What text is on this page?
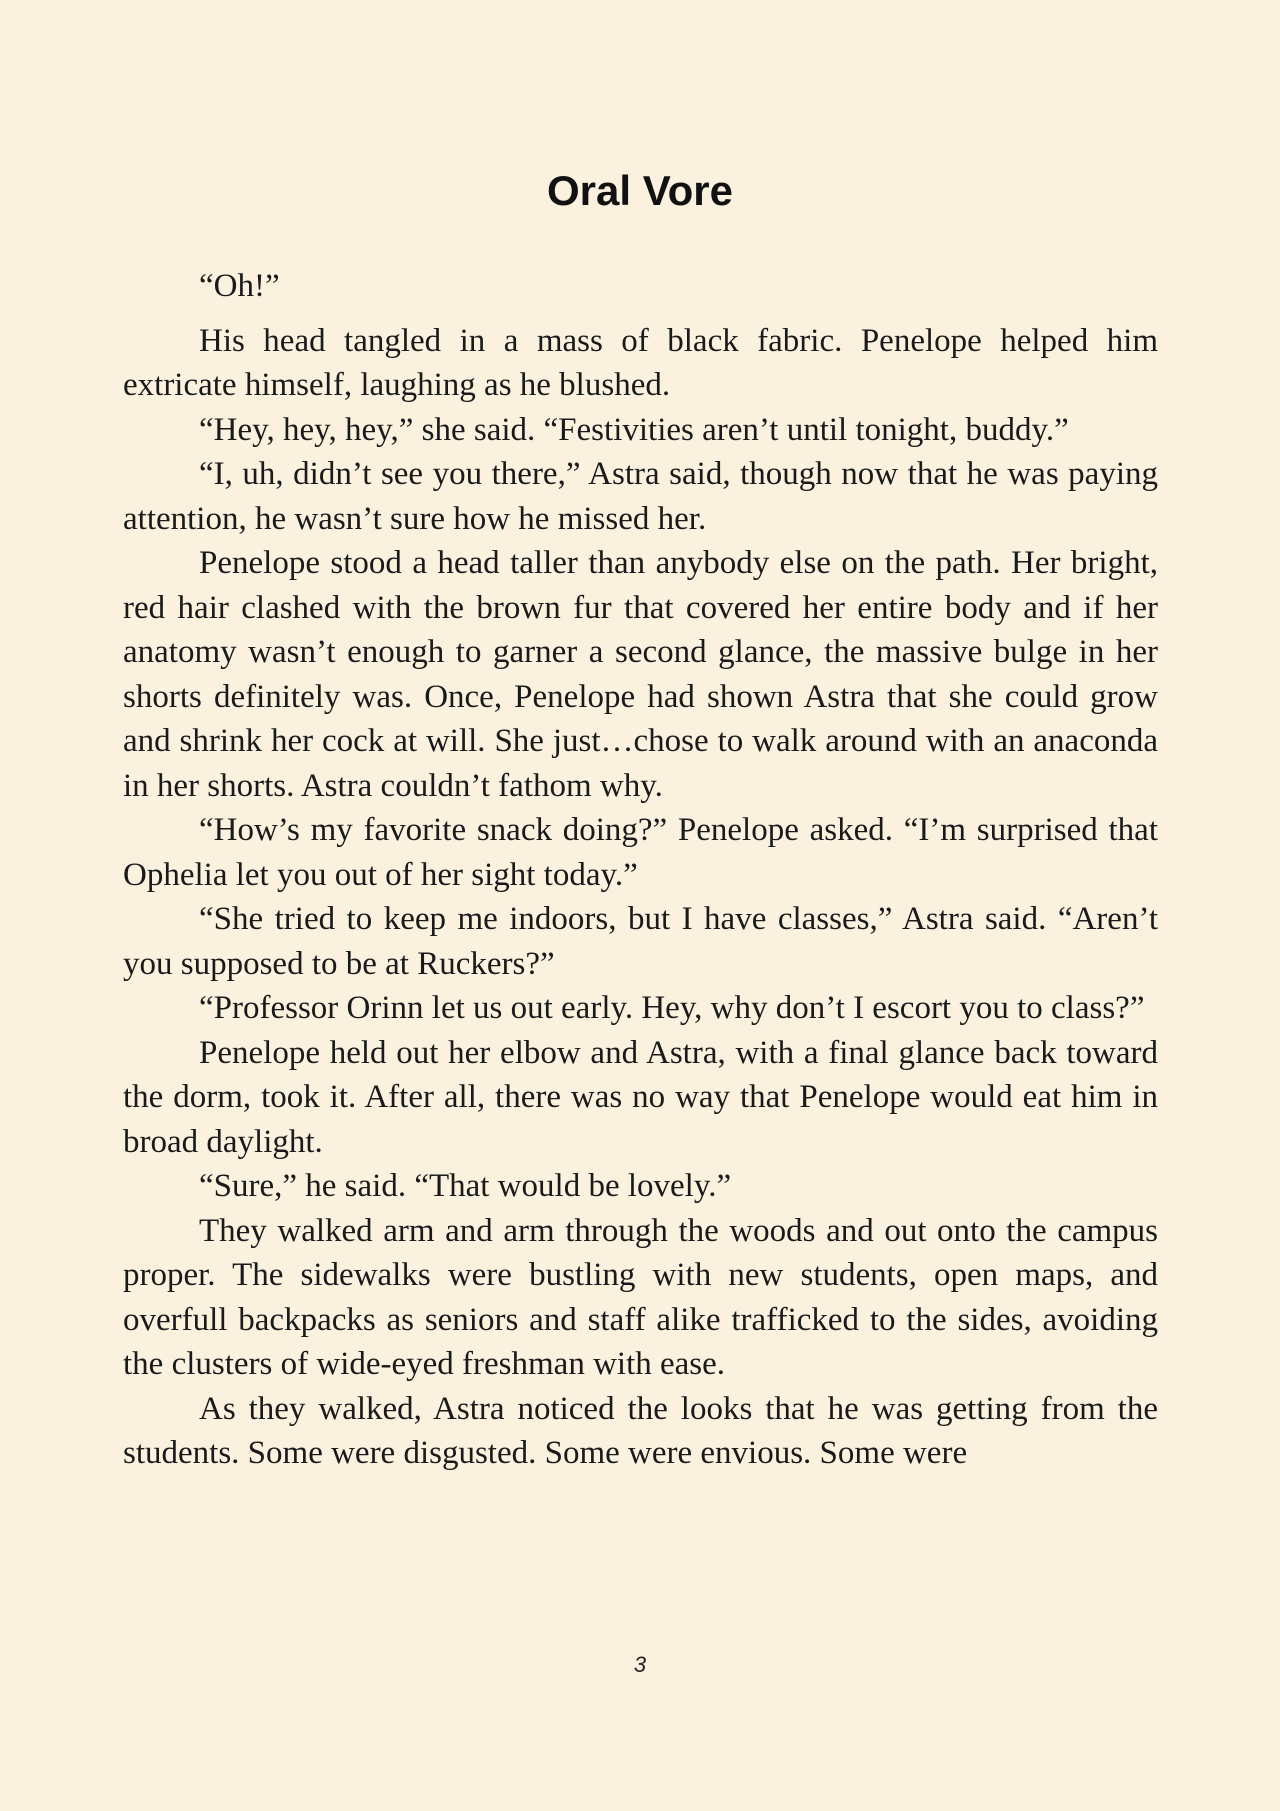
Oral Vore

“Oh!”

His head tangled in a mass of black fabric. Penelope helped him extricate himself, laughing as he blushed.

“Hey, hey, hey,” she said. “Festivities aren’t until tonight, buddy.”

“I, uh, didn’t see you there,” Astra said, though now that he was paying attention, he wasn’t sure how he missed her.

Penelope stood a head taller than anybody else on the path. Her bright, red hair clashed with the brown fur that covered her entire body and if her anatomy wasn’t enough to garner a second glance, the massive bulge in her shorts definitely was. Once, Penelope had shown Astra that she could grow and shrink her cock at will. She just…chose to walk around with an anaconda in her shorts. Astra couldn’t fathom why.

“How’s my favorite snack doing?” Penelope asked. “I’m surprised that Ophelia let you out of her sight today.”

“She tried to keep me indoors, but I have classes,” Astra said. “Aren’t you supposed to be at Ruckers?”

“Professor Orinn let us out early. Hey, why don’t I escort you to class?”

Penelope held out her elbow and Astra, with a final glance back toward the dorm, took it. After all, there was no way that Penelope would eat him in broad daylight.

“Sure,” he said. “That would be lovely.”

They walked arm and arm through the woods and out onto the campus proper. The sidewalks were bustling with new students, open maps, and overfull backpacks as seniors and staff alike trafficked to the sides, avoiding the clusters of wide-eyed freshman with ease.

As they walked, Astra noticed the looks that he was getting from the students. Some were disgusted. Some were envious. Some were

3
